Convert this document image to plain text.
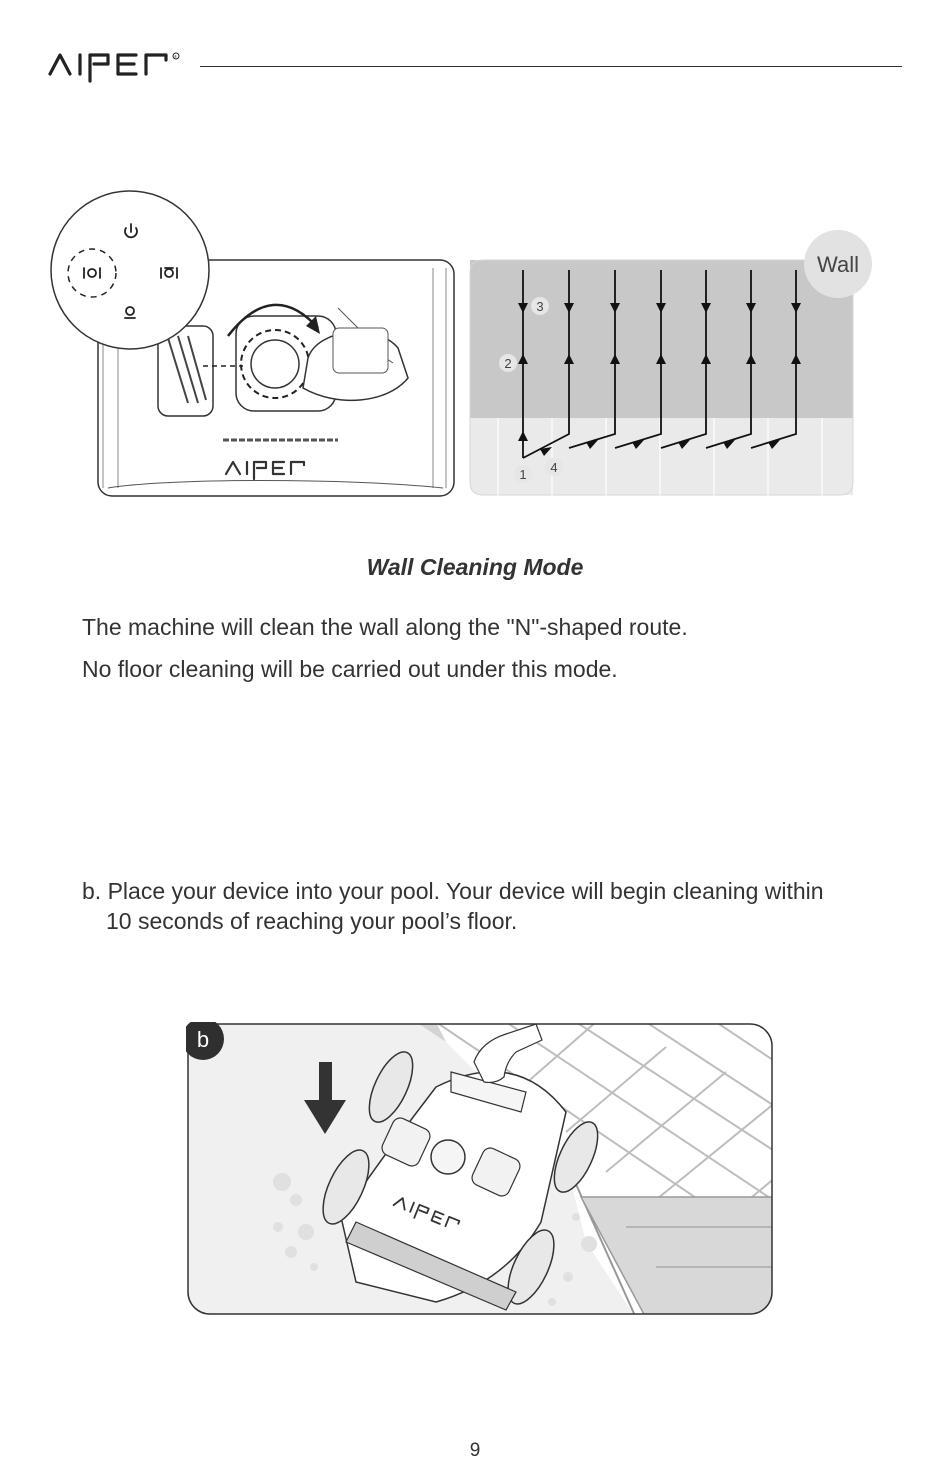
®
Wall
1
2
3
4
Wall Cleaning Mode
The machine will clean the wall along the "N"-shaped route.
No floor cleaning will be carried out under this mode.
b. Place your device into your pool. Your device will begin cleaning within
10 seconds of reaching your pool’s floor.
b
9
